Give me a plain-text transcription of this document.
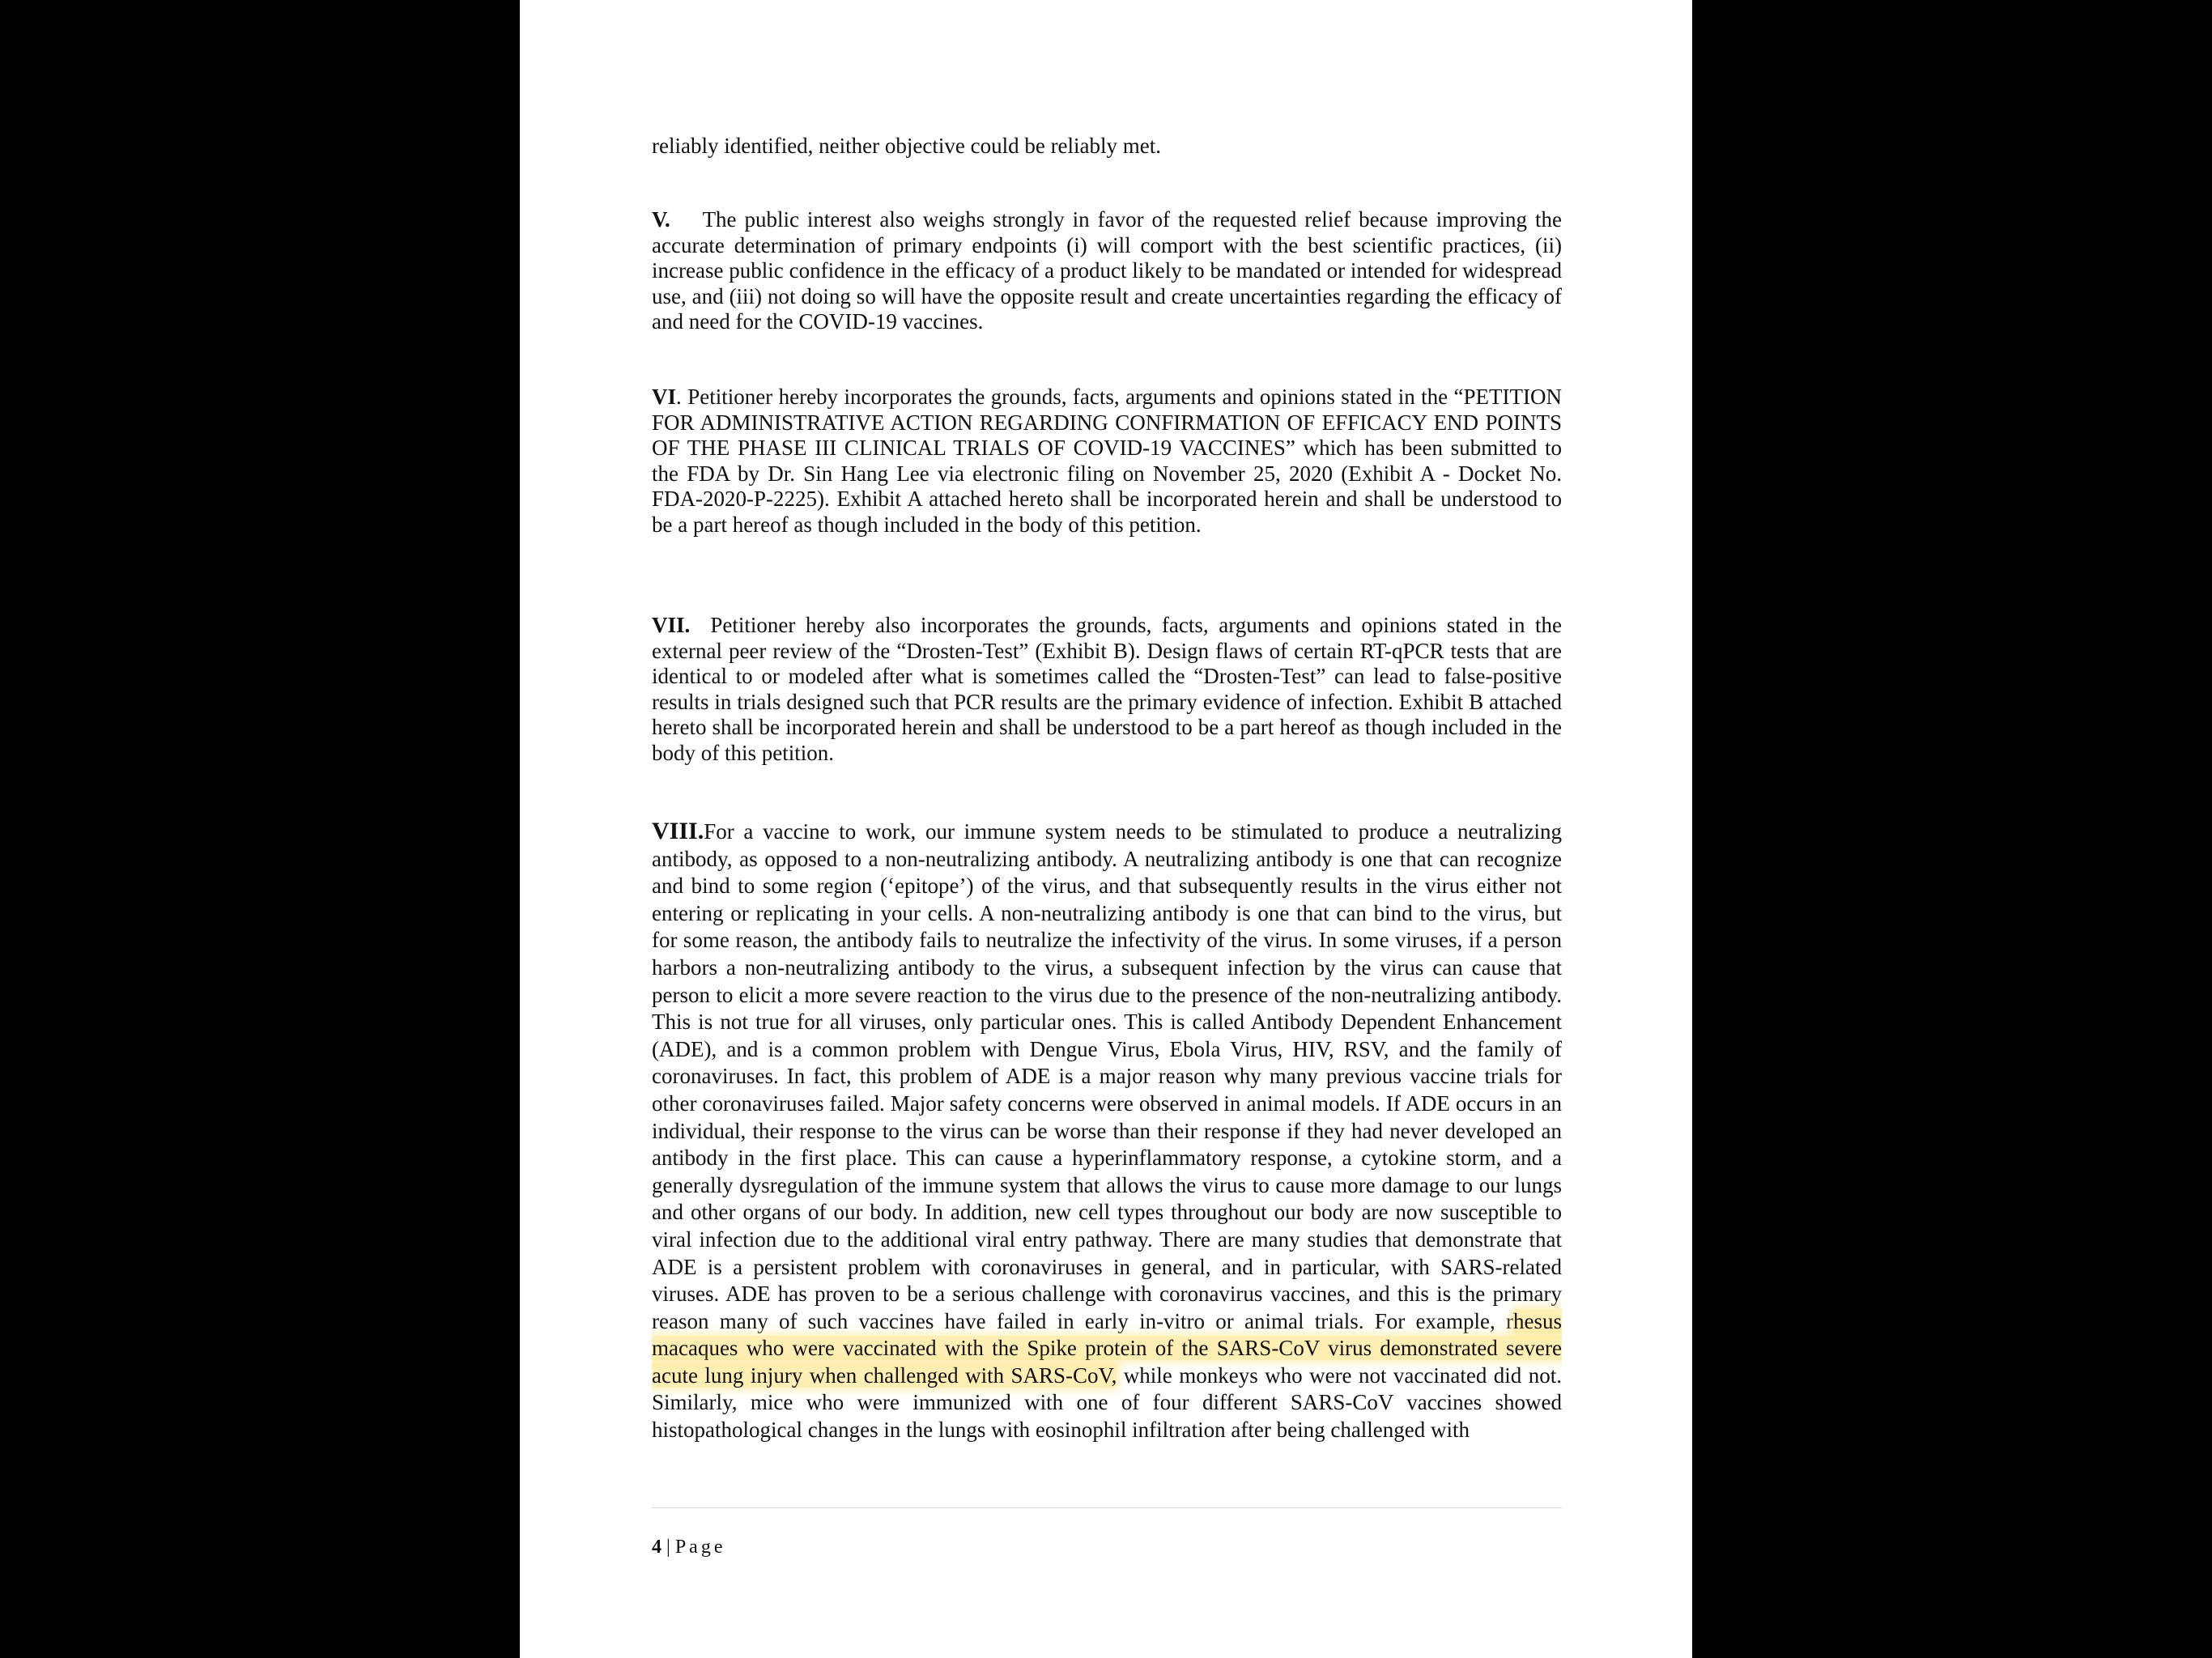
reliably identified, neither objective could be reliably met.

V. The public interest also weighs strongly in favor of the requested relief because improving the accurate determination of primary endpoints (i) will comport with the best scientific practices, (ii) increase public confidence in the efficacy of a product likely to be mandated or intended for widespread use, and (iii) not doing so will have the opposite result and create uncertainties regarding the efficacy of and need for the COVID-19 vaccines.

VI. Petitioner hereby incorporates the grounds, facts, arguments and opinions stated in the “PETITION FOR ADMINISTRATIVE ACTION REGARDING CONFIRMATION OF EFFICACY END POINTS OF THE PHASE III CLINICAL TRIALS OF COVID-19 VACCINES” which has been submitted to the FDA by Dr. Sin Hang Lee via electronic filing on November 25, 2020 (Exhibit A - Docket No. FDA-2020-P-2225). Exhibit A attached hereto shall be incorporated herein and shall be understood to be a part hereof as though included in the body of this petition.

VII. Petitioner hereby also incorporates the grounds, facts, arguments and opinions stated in the external peer review of the “Drosten-Test” (Exhibit B). Design flaws of certain RT-qPCR tests that are identical to or modeled after what is sometimes called the “Drosten-Test” can lead to false-positive results in trials designed such that PCR results are the primary evidence of infection. Exhibit B attached hereto shall be incorporated herein and shall be understood to be a part hereof as though included in the body of this petition.

VIII.For a vaccine to work, our immune system needs to be stimulated to produce a neutralizing antibody, as opposed to a non-neutralizing antibody. A neutralizing antibody is one that can recognize and bind to some region (‘epitope’) of the virus, and that subsequently results in the virus either not entering or replicating in your cells. A non-neutralizing antibody is one that can bind to the virus, but for some reason, the antibody fails to neutralize the infectivity of the virus. In some viruses, if a person harbors a non-neutralizing antibody to the virus, a subsequent infection by the virus can cause that person to elicit a more severe reaction to the virus due to the presence of the non-neutralizing antibody. This is not true for all viruses, only particular ones. This is called Antibody Dependent Enhancement (ADE), and is a common problem with Dengue Virus, Ebola Virus, HIV, RSV, and the family of coronaviruses. In fact, this problem of ADE is a major reason why many previous vaccine trials for other coronaviruses failed. Major safety concerns were observed in animal models. If ADE occurs in an individual, their response to the virus can be worse than their response if they had never developed an antibody in the first place. This can cause a hyperinflammatory response, a cytokine storm, and a generally dysregulation of the immune system that allows the virus to cause more damage to our lungs and other organs of our body. In addition, new cell types throughout our body are now susceptible to viral infection due to the additional viral entry pathway. There are many studies that demonstrate that ADE is a persistent problem with coronaviruses in general, and in particular, with SARS-related viruses. ADE has proven to be a serious challenge with coronavirus vaccines, and this is the primary reason many of such vaccines have failed in early in-vitro or animal trials. For example, rhesus macaques who were vaccinated with the Spike protein of the SARS-CoV virus demonstrated severe acute lung injury when challenged with SARS-CoV, while monkeys who were not vaccinated did not. Similarly, mice who were immunized with one of four different SARS-CoV vaccines showed histopathological changes in the lungs with eosinophil infiltration after being challenged with

4 | Page
